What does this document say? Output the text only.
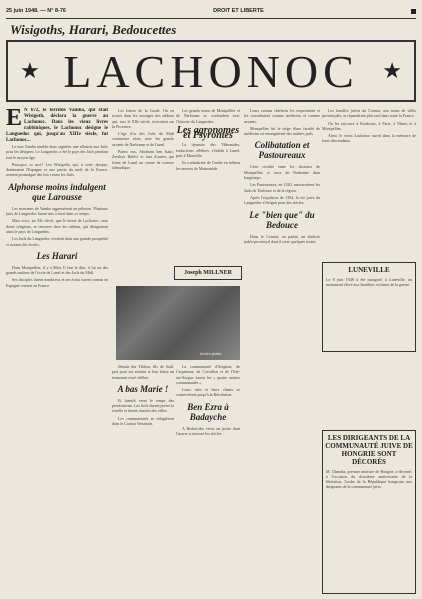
25 juin 1948. — N° 8-76	DROIT ET LIBERTE
Wisigoths, Harari, Bedoucettes
★ LACHONOC ★
E N 672, le terrible Vamba, qui était Wisigoth, déclara la guerre au Lachonoc. Dans les vieux livres rabbiniques, le Lachonoc désigne le Languedoc qui, jusqu'au XIIIe siècle, fut Lachonoc...

Le mot Vamba semble donc signifier une allusion aux Juifs pour les désigner. Le Languedoc a été le pays des Juifs pendant tout le moyen âge.

Pourquoi ce mot? Les Wisigoths qui, à cette époque, dominaient l'Espagne et une partie du midi de la France, avaient promulgué des lois contre les Juifs.

Alphonse moins indulgent que Larousse

Les marranes de Vamba eggressèrent en pèlerins. Plusieurs juifs de Languedoc furent mis à mort dans ce temps.

Mais voici, au XIe siècle, que le terme de Lachonoc, sans doute religieux, se retrouve chez les rabbins, qui désignaient ainsi le pays de Languedoc.

Les Juifs du Languedoc vivaient dans une grande prospérité et avaient des écoles.

Les Harari

Dans Montpellier, il y a Meir. Il faut le dire, il fut un des grands maîtres de l'école de Lunel et des Juifs du Midi.

Ses disciples furent nombreux et ses écrits furent connus en Espagne comme en France.

Les lettres de la Gaule. On en trouve dans les ouvrages des rabbins qui, vers le XIIe siècle, écrivaient sur la Provence.

L'âge d'or des Juifs du Midi commence alors, avec les grands savants de Narbonne et de Lunel.

Parmi eux, Abraham ben Isaac, Zerahya Halévi et tant d'autres qui firent de Lunel un centre de science talmudique.

Les grands noms de Montpellier et de Narbonne se confondent avec l'histoire du Languedoc.

Les agronomes et Psyrontes

La dynastie des Tibbonides, traducteurs célèbres, s'établit à Lunel, puis à Marseille.

Ils traduisirent de l'arabe en hébreu les œuvres de Maïmonide.

Joseph MILLNER
Ancien ghetto

Jehuda ibn Tibbon, fils de Saül, pria pour ses enfants et leur laissa un testament resté célèbre.

A bas Marie !

Et bientôt vient le temps des persécutions. Les Juifs durent porter la rouelle et furent chassés des villes.

Les communautés se réfugièrent dans le Comtat Venaissin.

La communauté d'Avignon, de Carpentras, de Cavaillon et de l'Isle-sur-Sorgue furent les « quatre saintes communautés ».

Leurs rites et leurs chants se conservèrent jusqu'à la Révolution.

Ben Ezra à Badayche

A Bedarrides vécut un poète dont l'œuvre a traversé les siècles.

Leurs voisins chrétiens les respectaient et les consultaient comme médecins et comme savants.

Montpellier fut le siège d'une faculté de médecine où enseignèrent des maîtres juifs.

Colibatation et Pastoureaux

Cette rivalité entre les docteurs de Montpellier et ceux de Narbonne dura longtemps.

Les Pastoureaux, en 1320, massacrèrent les Juifs de Toulouse et de la région.

Après l'expulsion de 1394, la vie juive du Languedoc s'éteignit pour des siècles.

Le "bien que" du Bedouce

Dans le Comtat, on parlait un dialecte judéo-provençal dont il reste quelques textes.

Les familles juives du Comtat, aux noms de villes provençales, se répandirent plus tard dans toute la France.

On les retrouve à Bordeaux, à Paris, à Nîmes et à Montpellier.

Ainsi, le vieux Lachonoc survit dans la mémoire de leurs descendants.

LUNEVILLE
Le 8 juin 1948 à été inauguré, à Luneville, un monument élevé aux Israélites victimes de la guerre.
LES DIRIGEANTS DE LA COMMUNAUTÉ JUIVE DE HONGRIE SONT DÉCORÉS
M. Olamela, premier ministre de Hongrie, a décerné, à l'occasion du deuxième anniversaire de la libération, l'ordre de la République hongroise aux dirigeants de la communauté juive.
